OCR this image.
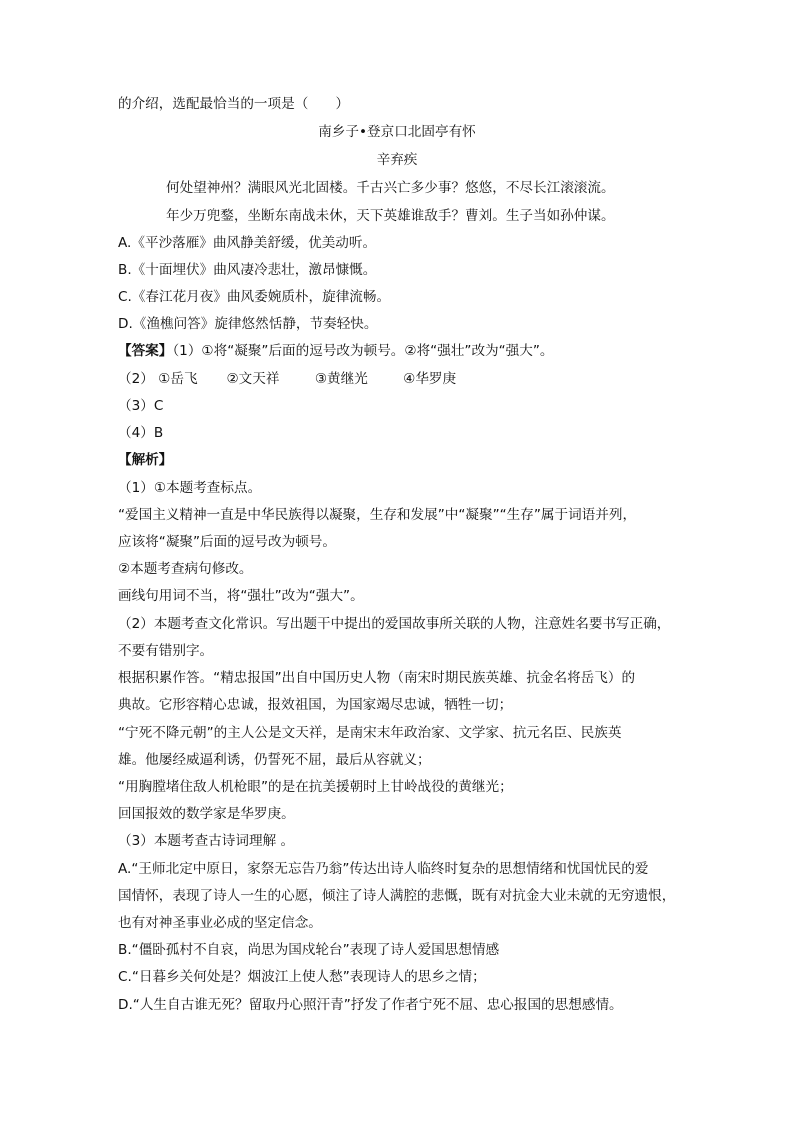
的介绍，选配最恰当的一项是（　　）
南乡子•登京口北固亭有怀
辛弃疾
何处望神州？满眼风光北固楼。千古兴亡多少事？悠悠，不尽长江滚滚流。
年少万兜鍪，坐断东南战未休，天下英雄谁敌手？曹刘。生子当如孙仲谋。
A.《平沙落雁》曲风静美舒缓，优美动听。
B.《十面埋伏》曲风凄冷悲壮，激昂慷慨。
C.《春江花月夜》曲风委婉质朴，旋律流畅。
D.《渔樵问答》旋律悠然恬静，节奏轻快。
【答案】（1）①将“凝聚”后面的逗号改为顿号。②将“强壮”改为“强大”。
（2） ①岳飞 ②文天祥	③黄继光	④华罗庚
（3）C
（4）B
【解析】
（1）①本题考查标点。
“爱国主义精神一直是中华民族得以凝聚，生存和发展”中“凝聚”“生存”属于词语并列，
应该将“凝聚”后面的逗号改为顿号。
②本题考查病句修改。
画线句用词不当，将“强壮”改为“强大”。
（2）本题考查文化常识。写出题干中提出的爱国故事所关联的人物，注意姓名要书写正确，
不要有错别字。
根据积累作答。“精忠报国”出自中国历史人物（南宋时期民族英雄、抗金名将岳飞）的
典故。它形容精心忠诚，报效祖国，为国家竭尽忠诚，牺牲一切；
“宁死不降元朝”的主人公是文天祥，是南宋末年政治家、文学家、抗元名臣、民族英
雄。他屡经威逼利诱，仍誓死不屈，最后从容就义；
“用胸膛堵住敌人机枪眼”的是在抗美援朝时上甘岭战役的黄继光；
回国报效的数学家是华罗庚。
（3）本题考查古诗词理解 。
A.“王师北定中原日，家祭无忘告乃翁”传达出诗人临终时复杂的思想情绪和忧国忧民的爱
国情怀，表现了诗人一生的心愿，倾注了诗人满腔的悲慨，既有对抗金大业未就的无穷遗恨，
也有对神圣事业必成的坚定信念。
B.“僵卧孤村不自哀，尚思为国戍轮台”表现了诗人爱国思想情感
C.“日暮乡关何处是？烟波江上使人愁”表现诗人的思乡之情；
D.“人生自古谁无死？留取丹心照汗青”抒发了作者宁死不屈、忠心报国的思想感情。
